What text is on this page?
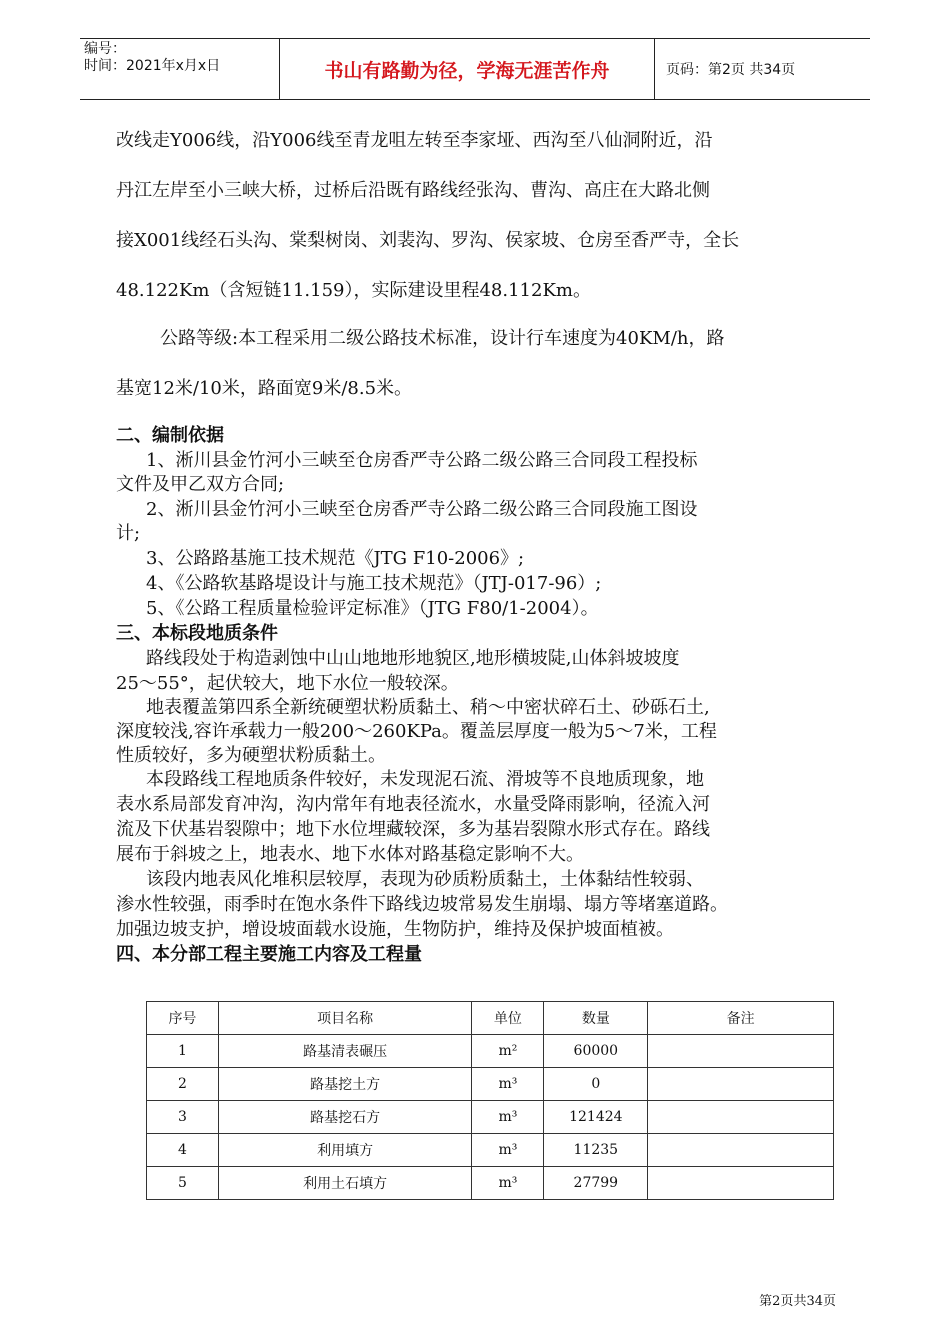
编号：
时间：2021年x月x日	书山有路勤为径，学海无涯苦作舟	页码：第2页 共34页
改线走Y006线，沿Y006线至青龙咀左转至李家垭、西沟至八仙洞附近，沿
丹江左岸至小三峡大桥，过桥后沿既有路线经张沟、曹沟、高庄在大路北侧
接X001线经石头沟、棠梨树岗、刘裴沟、罗沟、侯家坡、仓房至香严寺，全长
48.122Km（含短链11.159），实际建设里程48.112Km。
公路等级:本工程采用二级公路技术标准，设计行车速度为40KM/h，路
基宽12米/10米，路面宽9米/8.5米。
二、编制依据
1、淅川县金竹河小三峡至仓房香严寺公路二级公路三合同段工程投标
文件及甲乙双方合同;
2、淅川县金竹河小三峡至仓房香严寺公路二级公路三合同段施工图设
计;
3、公路路基施工技术规范《JTG F10-2006》;
4、《公路软基路堤设计与施工技术规范》（JTJ-017-96）;
5、《公路工程质量检验评定标准》（JTG F80/1-2004）。
三、本标段地质条件
路线段处于构造剥蚀中山山地地形地貌区,地形横坡陡,山体斜坡坡度
25～55°，起伏较大，地下水位一般较深。
地表覆盖第四系全新统硬塑状粉质黏土、稍～中密状碎石土、砂砾石土,
深度较浅,容许承载力一般200～260KPa。覆盖层厚度一般为5～7米，工程
性质较好，多为硬塑状粉质黏土。
本段路线工程地质条件较好，未发现泥石流、滑坡等不良地质现象，地
表水系局部发育冲沟，沟内常年有地表径流水，水量受降雨影响，径流入河
流及下伏基岩裂隙中；地下水位埋藏较深，多为基岩裂隙水形式存在。路线
展布于斜坡之上，地表水、地下水体对路基稳定影响不大。
该段内地表风化堆积层较厚，表现为砂质粉质黏土，土体黏结性较弱、
渗水性较强，雨季时在饱水条件下路线边坡常易发生崩塌、塌方等堵塞道路。
加强边坡支护，增设坡面载水设施，生物防护，维持及保护坡面植被。
四、本分部工程主要施工内容及工程量
序号	项目名称	单位	数量	备注
1	路基清表碾压	m²	60000	
2	路基挖土方	m³	0	
3	路基挖石方	m³	121424	
4	利用填方	m³	11235	
5	利用土石填方	m³	27799	
第2页共34页
